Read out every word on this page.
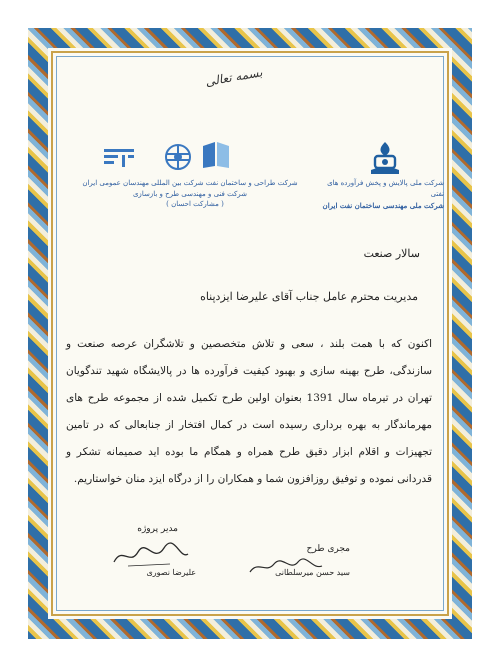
بسمه تعالی
شرکت ملی پالایش و پخش فرآورده های نفتی
شرکت ملی مهندسی ساختمان نفت ایران
شرکت طراحی و ساختمان نفت شرکت بین المللی مهندسان عمومی ایران شرکت فنی و مهندسی طرح و بازسازی
( مشارکت احسان )
سالار صنعت
مدیریت محترم عامل جناب آقای علیرضا ایزدپناه
اکنون که با همت بلند ، سعی و تلاش متخصصین و تلاشگران عرصه صنعت و سازندگی، طرح بهینه سازی و بهبود کیفیت فرآورده ها در پالایشگاه شهید تندگویان تهران در تیرماه سال 1391 بعنوان اولین طرح تکمیل شده از مجموعه طرح های مهرماندگار به بهره برداری رسیده است در کمال افتخار از جنابعالی که در تامین تجهیزات و اقلام ابزار دقیق طرح همراه و همگام ما بوده اید صمیمانه تشکر و قدردانی نموده و توفیق روزافزون شما و همکاران را از درگاه ایزد منان خواستاریم.
مجری طرح
سید حسن میرسلطانی
مدیر پروژه
علیرضا نصوری
